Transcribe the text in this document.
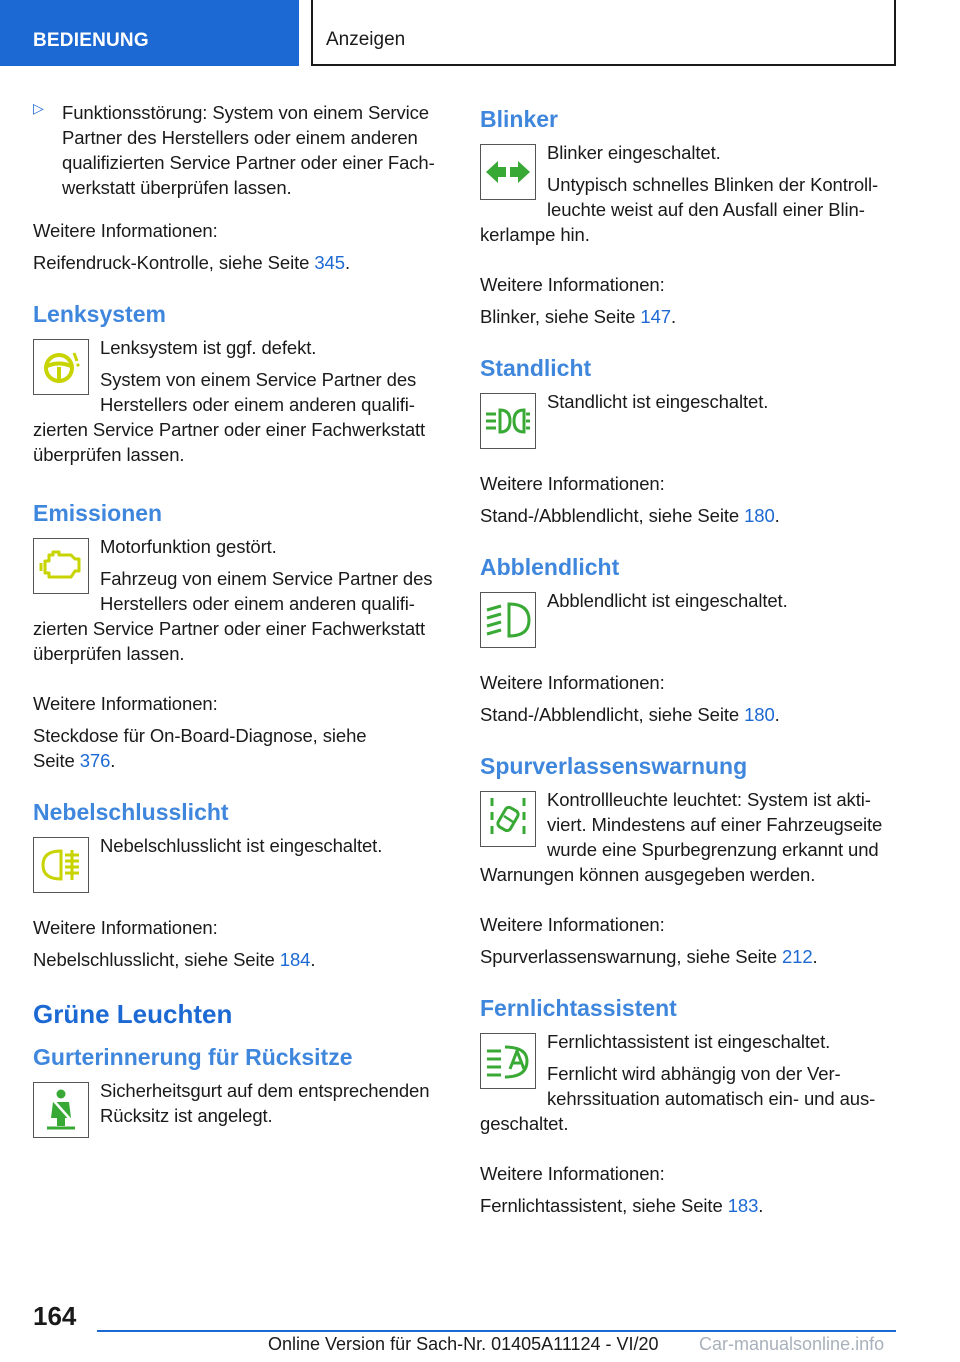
BEDIENUNG	Anzeigen
▷ Funktionsstörung: System von einem Service Partner des Herstellers oder einem anderen qualifizierten Service Partner oder einer Fach-werkstatt überprüfen lassen.

Weitere Informationen:

Reifendruck-Kontrolle, siehe Seite 345.

Lenksystem

Lenksystem ist ggf. defekt.

System von einem Service Partner des Herstellers oder einem anderen qualifi-zierten Service Partner oder einer Fachwerkstatt überprüfen lassen.

Emissionen

Motorfunktion gestört.

Fahrzeug von einem Service Partner des Herstellers oder einem anderen qualifi-zierten Service Partner oder einer Fachwerkstatt überprüfen lassen.

Weitere Informationen:

Steckdose für On-Board-Diagnose, siehe
Seite 376.

Nebelschlusslicht

Nebelschlusslicht ist eingeschaltet.

Weitere Informationen:

Nebelschlusslicht, siehe Seite 184.

Grüne Leuchten
Gurterinnerung für Rücksitze

Sicherheitsgurt auf dem entsprechenden Rücksitz ist angelegt.

Blinker

Blinker eingeschaltet.

Untypisch schnelles Blinken der Kontroll-leuchte weist auf den Ausfall einer Blin-kerlampe hin.

Weitere Informationen:

Blinker, siehe Seite 147.

Standlicht

Standlicht ist eingeschaltet.

Weitere Informationen:

Stand-/Abblendlicht, siehe Seite 180.

Abblendlicht

Abblendlicht ist eingeschaltet.

Weitere Informationen:

Stand-/Abblendlicht, siehe Seite 180.

Spurverlassenswarnung

Kontrollleuchte leuchtet: System ist akti-viert. Mindestens auf einer Fahrzeugseite wurde eine Spurbegrenzung erkannt und Warnungen können ausgegeben werden.

Weitere Informationen:

Spurverlassenswarnung, siehe Seite 212.

Fernlichtassistent

Fernlichtassistent ist eingeschaltet.

Fernlicht wird abhängig von der Ver-kehrssituation automatisch ein- und aus-geschaltet.

Weitere Informationen:

Fernlichtassistent, siehe Seite 183.

164
Online Version für Sach-Nr. 01405A11124 - VI/20 Car-manualsonline.info
